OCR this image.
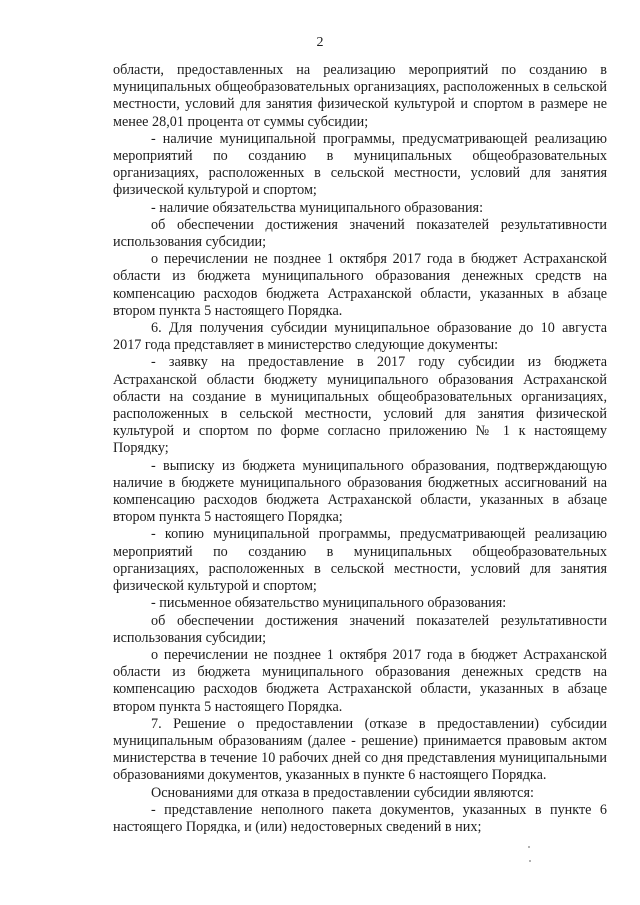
2

области, предоставленных на реализацию мероприятий по созданию в муниципальных общеобразовательных организациях, расположенных в сельской местности, условий для занятия физической культурой и спортом в размере не менее 28,01 процента от суммы субсидии;

- наличие муниципальной программы, предусматривающей реализацию мероприятий по созданию в муниципальных общеобразовательных организациях, расположенных в сельской местности, условий для занятия физической культурой и спортом;

- наличие обязательства муниципального образования:

об обеспечении достижения значений показателей результативности использования субсидии;

о перечислении не позднее 1 октября 2017 года в бюджет Астраханской области из бюджета муниципального образования денежных средств на компенсацию расходов бюджета Астраханской области, указанных в абзаце втором пункта 5 настоящего Порядка.

6. Для получения субсидии муниципальное образование до 10 августа 2017 года представляет в министерство следующие документы:

- заявку на предоставление в 2017 году субсидии из бюджета Астраханской области бюджету муниципального образования Астраханской области на создание в муниципальных общеобразовательных организациях, расположенных в сельской местности, условий для занятия физической культурой и спортом по форме согласно приложению № 1 к настоящему Порядку;

- выписку из бюджета муниципального образования, подтверждающую наличие в бюджете муниципального образования бюджетных ассигнований на компенсацию расходов бюджета Астраханской области, указанных в абзаце втором пункта 5 настоящего Порядка;

- копию муниципальной программы, предусматривающей реализацию мероприятий по созданию в муниципальных общеобразовательных организациях, расположенных в сельской местности, условий для занятия физической культурой и спортом;

- письменное обязательство муниципального образования:

об обеспечении достижения значений показателей результативности использования субсидии;

о перечислении не позднее 1 октября 2017 года в бюджет Астраханской области из бюджета муниципального образования денежных средств на компенсацию расходов бюджета Астраханской области, указанных в абзаце втором пункта 5 настоящего Порядка.

7. Решение о предоставлении (отказе в предоставлении) субсидии муниципальным образованиям (далее - решение) принимается правовым актом министерства в течение 10 рабочих дней со дня представления муниципальными образованиями документов, указанных в пункте 6 настоящего Порядка.

Основаниями для отказа в предоставлении субсидии являются:

- представление неполного пакета документов, указанных в пункте 6 настоящего Порядка, и (или) недостоверных сведений в них;
